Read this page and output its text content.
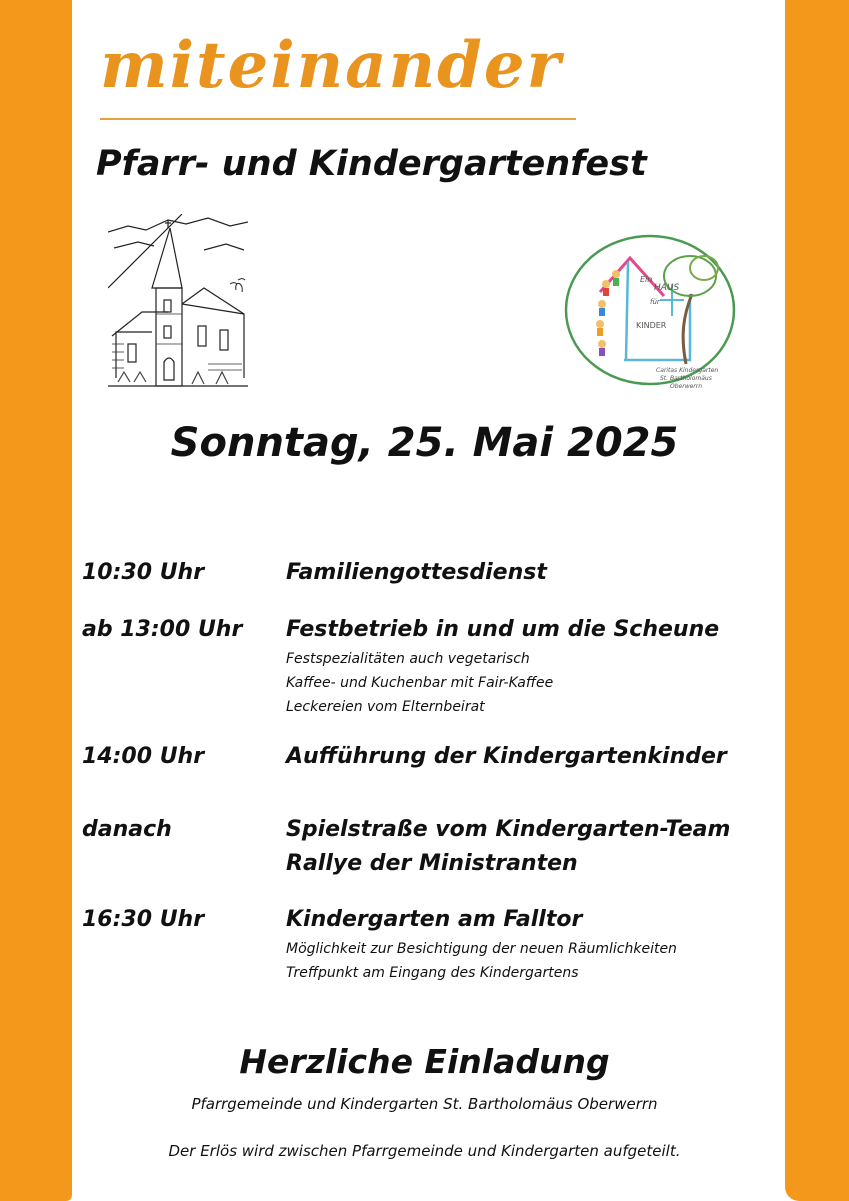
miteinander
Pfarr- und Kindergartenfest
Ein
HAUS
für
KINDER
Caritas Kindergarten
St. Bartholomäus
Oberwerrn
Sonntag, 25. Mai 2025
10:30 Uhr	Familiengottesdienst
ab 13:00 Uhr Festbetrieb in und um die Scheune
Festspezialitäten auch vegetarisch
Kaffee- und Kuchenbar mit Fair-Kaffee
Leckereien vom Elternbeirat
14:00 Uhr	Aufführung der Kindergartenkinder
danach	Spielstraße vom Kindergarten-Team
Rallye der Ministranten
16:30 Uhr	Kindergarten am Falltor
Möglichkeit zur Besichtigung der neuen Räumlichkeiten
Treffpunkt am Eingang des Kindergartens
Herzliche Einladung
Pfarrgemeinde und Kindergarten St. Bartholomäus Oberwerrn
Der Erlös wird zwischen Pfarrgemeinde und Kindergarten aufgeteilt.
